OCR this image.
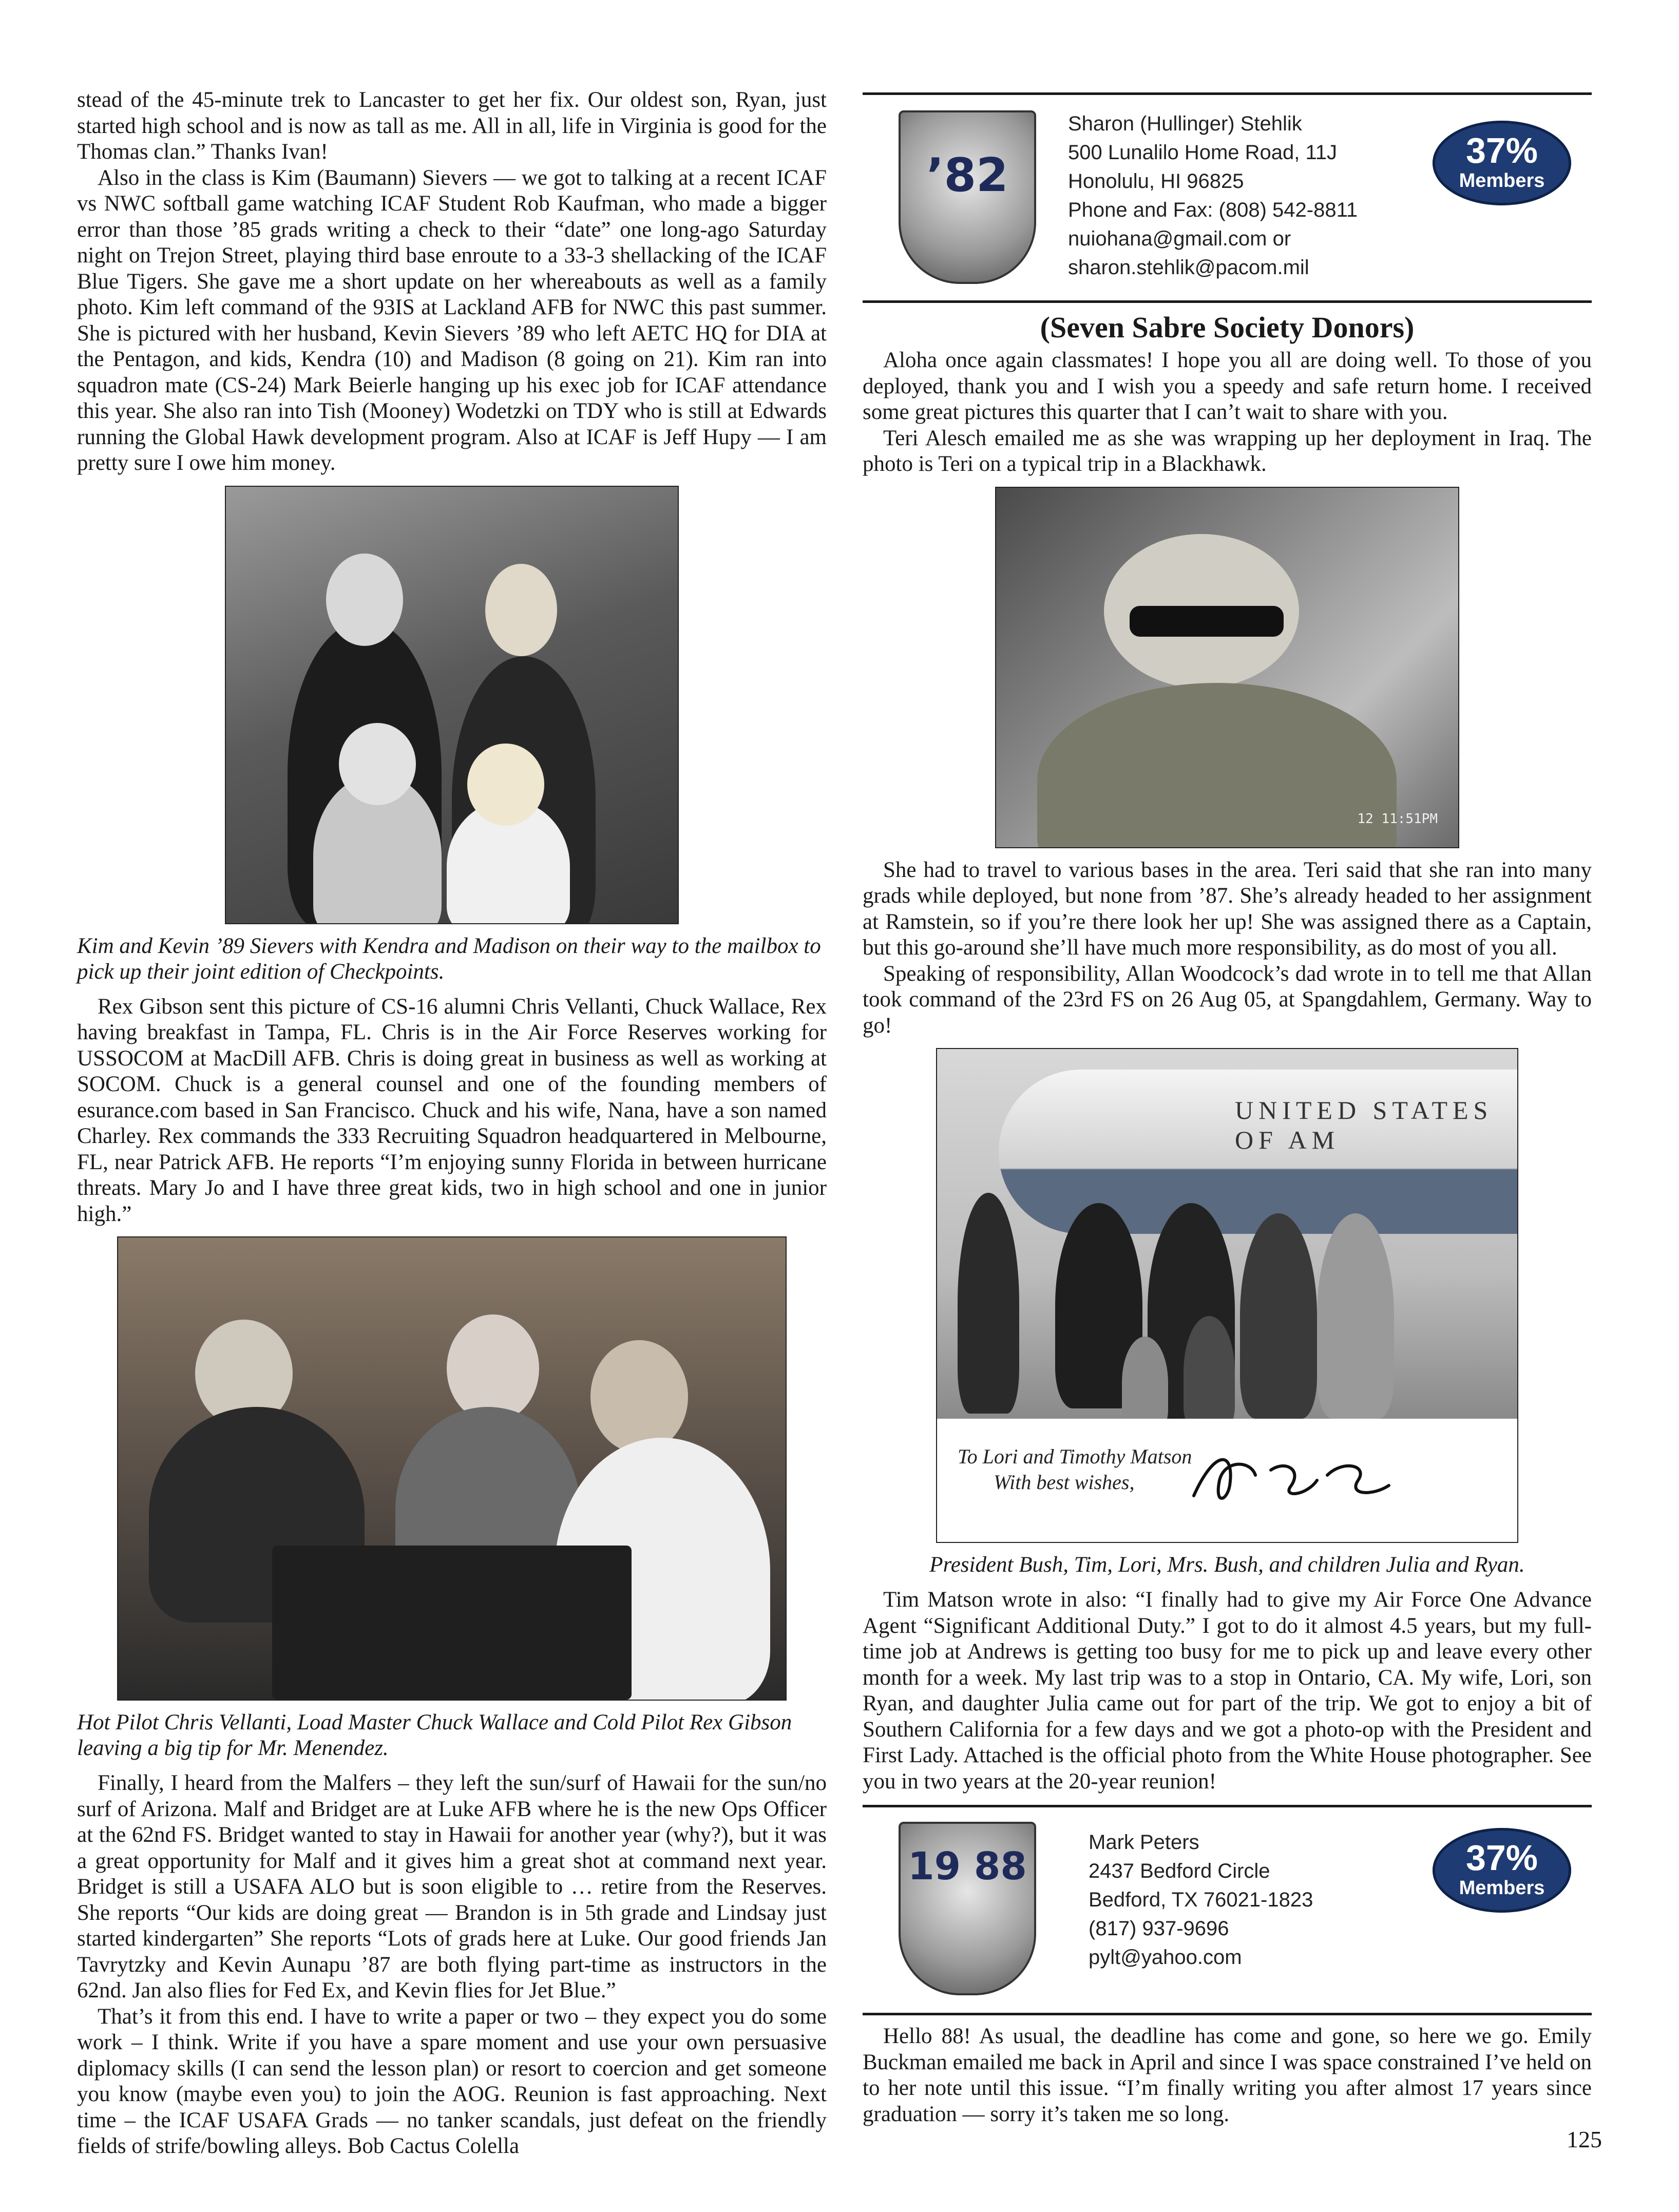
stead of the 45-minute trek to Lancaster to get her fix. Our oldest son, Ryan, just started high school and is now as tall as me. All in all, life in Virginia is good for the Thomas clan.” Thanks Ivan!

Also in the class is Kim (Baumann) Sievers — we got to talking at a recent ICAF vs NWC softball game watching ICAF Student Rob Kaufman, who made a bigger error than those ’85 grads writing a check to their “date” one long-ago Saturday night on Trejon Street, playing third base enroute to a 33-3 shellacking of the ICAF Blue Tigers. She gave me a short update on her whereabouts as well as a family photo. Kim left command of the 93IS at Lackland AFB for NWC this past summer. She is pictured with her husband, Kevin Sievers ’89 who left AETC HQ for DIA at the Pentagon, and kids, Kendra (10) and Madison (8 going on 21). Kim ran into squadron mate (CS-24) Mark Beierle hanging up his exec job for ICAF attendance this year. She also ran into Tish (Mooney) Wodetzki on TDY who is still at Edwards running the Global Hawk development program. Also at ICAF is Jeff Hupy — I am pretty sure I owe him money.

Kim and Kevin ’89 Sievers with Kendra and Madison on their way to the mailbox to pick up their joint edition of Checkpoints.

Rex Gibson sent this picture of CS-16 alumni Chris Vellanti, Chuck Wallace, Rex having breakfast in Tampa, FL. Chris is in the Air Force Reserves working for USSOCOM at MacDill AFB. Chris is doing great in business as well as working at SOCOM. Chuck is a general counsel and one of the founding members of esurance.com based in San Francisco. Chuck and his wife, Nana, have a son named Charley. Rex commands the 333 Recruiting Squadron headquartered in Melbourne, FL, near Patrick AFB. He reports “I’m enjoying sunny Florida in between hurricane threats. Mary Jo and I have three great kids, two in high school and one in junior high.”

Hot Pilot Chris Vellanti, Load Master Chuck Wallace and Cold Pilot Rex Gibson leaving a big tip for Mr. Menendez.

Finally, I heard from the Malfers – they left the sun/surf of Hawaii for the sun/no surf of Arizona. Malf and Bridget are at Luke AFB where he is the new Ops Officer at the 62nd FS. Bridget wanted to stay in Hawaii for another year (why?), but it was a great opportunity for Malf and it gives him a great shot at command next year. Bridget is still a USAFA ALO but is soon eligible to … retire from the Reserves. She reports “Our kids are doing great — Brandon is in 5th grade and Lindsay just started kindergarten” She reports “Lots of grads here at Luke. Our good friends Jan Tavrytzky and Kevin Aunapu ’87 are both flying part-time as instructors in the 62nd. Jan also flies for Fed Ex, and Kevin flies for Jet Blue.”

That’s it from this end. I have to write a paper or two – they expect you do some work – I think. Write if you have a spare moment and use your own persuasive diplomacy skills (I can send the lesson plan) or resort to coercion and get someone you know (maybe even you) to join the AOG. Reunion is fast approaching. Next time – the ICAF USAFA Grads — no tanker scandals, just defeat on the friendly fields of strife/bowling alleys. Bob Cactus Colella

’82
Sharon (Hullinger) Stehlik
500 Lunalilo Home Road, 11J
Honolulu, HI 96825
Phone and Fax: (808) 542-8811
nuiohana@gmail.com or
sharon.stehlik@pacom.mil
37%
Members
(Seven Sabre Society Donors)

Aloha once again classmates! I hope you all are doing well. To those of you deployed, thank you and I wish you a speedy and safe return home. I received some great pictures this quarter that I can’t wait to share with you.

Teri Alesch emailed me as she was wrapping up her deployment in Iraq. The photo is Teri on a typical trip in a Blackhawk.

12 11:51PM

She had to travel to various bases in the area. Teri said that she ran into many grads while deployed, but none from ’87. She’s already headed to her assignment at Ramstein, so if you’re there look her up! She was assigned there as a Captain, but this go-around she’ll have much more responsibility, as do most of you all.

Speaking of responsibility, Allan Woodcock’s dad wrote in to tell me that Allan took command of the 23rd FS on 26 Aug 05, at Spangdahlem, Germany. Way to go!

UNITED STATES OF AM
To Lori and Timothy Matson
With best wishes,

President Bush, Tim, Lori, Mrs. Bush, and children Julia and Ryan.

Tim Matson wrote in also: “I finally had to give my Air Force One Advance Agent “Significant Additional Duty.” I got to do it almost 4.5 years, but my full-time job at Andrews is getting too busy for me to pick up and leave every other month for a week. My last trip was to a stop in Ontario, CA. My wife, Lori, son Ryan, and daughter Julia came out for part of the trip. We got to enjoy a bit of Southern California for a few days and we got a photo-op with the President and First Lady. Attached is the official photo from the White House photographer. See you in two years at the 20-year reunion!

19 88
Mark Peters
2437 Bedford Circle
Bedford, TX 76021-1823
(817) 937-9696
pylt@yahoo.com
37%
Members

Hello 88! As usual, the deadline has come and gone, so here we go. Emily Buckman emailed me back in April and since I was space constrained I’ve held on to her note until this issue. “I’m finally writing you after almost 17 years since graduation — sorry it’s taken me so long.

125
